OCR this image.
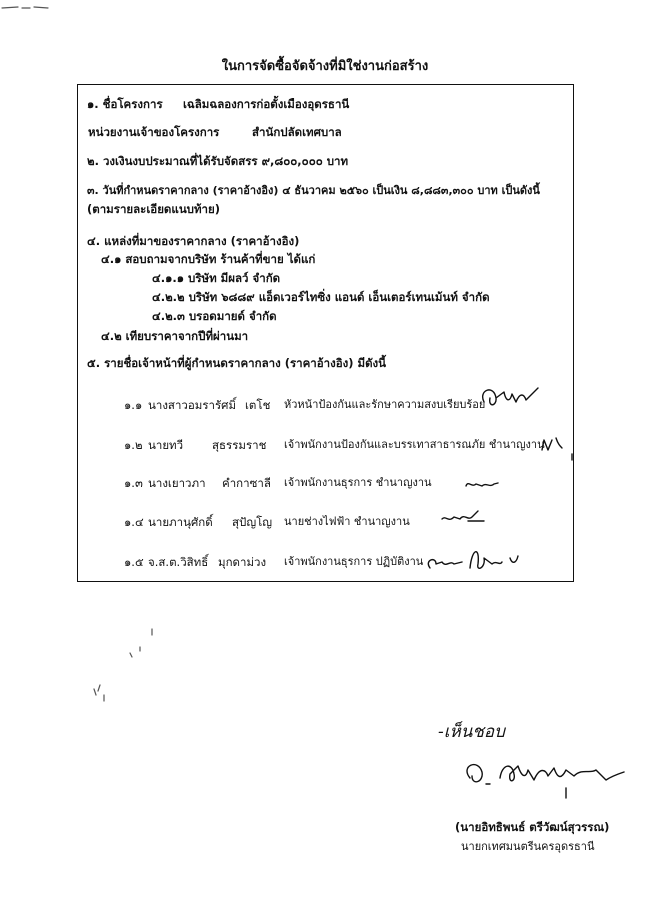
ในการจัดซื้อจัดจ้างที่มิใช่งานก่อสร้าง
๑. ชื่อโครงการ เฉลิมฉลองการก่อตั้งเมืองอุดรธานี
หน่วยงานเจ้าของโครงการ	สำนักปลัดเทศบาล
๒. วงเงินงบประมาณที่ได้รับจัดสรร ๙,๘๐๐,๐๐๐ บาท
๓. วันที่กำหนดราคากลาง (ราคาอ้างอิง) ๔ ธันวาคม ๒๕๖๐ เป็นเงิน ๘,๘๘๓,๓๐๐ บาท เป็นดังนี้
(ตามรายละเอียดแนบท้าย)
๔. แหล่งที่มาของราคากลาง (ราคาอ้างอิง)
๔.๑ สอบถามจากบริษัท ร้านค้าที่ขาย ได้แก่
๔.๑.๑ บริษัท มีผลว์ จำกัด
๔.๒.๒ บริษัท ๖๘๘๙ แอ็ดเวอร์ไทซิ่ง แอนด์ เอ็นเตอร์เทนเม้นท์ จำกัด
๔.๒.๓ บรอดมายด์ จำกัด
๔.๒ เทียบราคาจากปีที่ผ่านมา
๕. รายชื่อเจ้าหน้าที่ผู้กำหนดราคากลาง (ราคาอ้างอิง) มีดังนี้
๑.๑ นางสาวอมรารัศมิ์ เตโช หัวหน้าป้องกันและรักษาความสงบเรียบร้อย
๑.๒ นายทวี	สุธรรมราช เจ้าพนักงานป้องกันและบรรเทาสาธารณภัย ชำนาญงาน
๑.๓ นางเยาวภา คำกาซาลี เจ้าพนักงานธุรการ ชำนาญงาน
๑.๔ นายภานุศักดิ์ สุปัญโญ นายช่างไฟฟ้า ชำนาญงาน
๑.๕ จ.ส.ต.วิสิทธิ์ มุกดาม่วง เจ้าพนักงานธุรการ ปฏิบัติงาน
-เห็นชอบ
(นายอิทธิพนธ์ ตรีวัฒน์สุวรรณ)
นายกเทศมนตรีนครอุดรธานี
